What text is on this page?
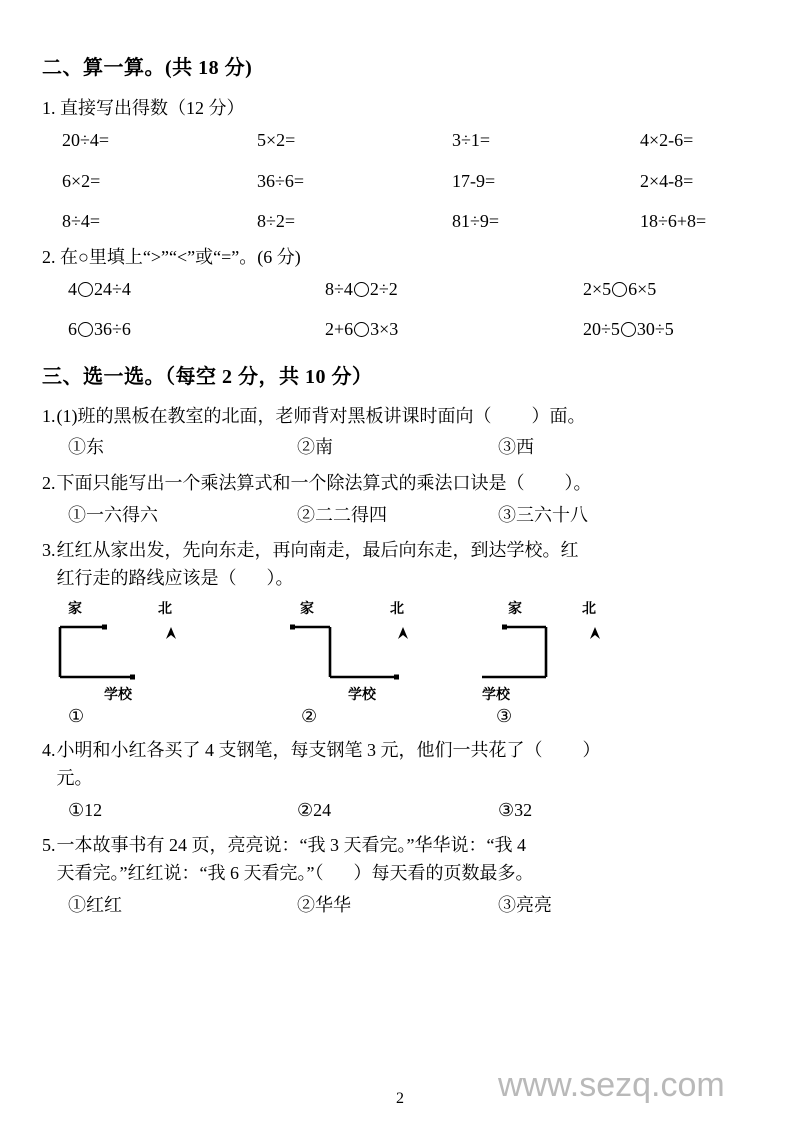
二、算一算。(共 18 分)

1. 直接写出得数（12 分）

20÷4=	5×2=	3÷1=	4×2-6=
6×2=	36÷6=	17-9=	2×4-8=
8÷4=	8÷2=	81÷9=	18÷6+8=

2. 在○里填上“>”“<”或“=”。(6 分)

4 24÷4	8÷4 2÷2	2×5 6×5
6 36÷6	2+6 3×3	20÷5 30÷5
三、选一选。（每空 2 分，共 10 分）
1. (1)班的黑板在教室的北面，老师背对黑板讲课时面向（ ）面。
①东	②南	③西
2. 下面只能写出一个乘法算式和一个除法算式的乘法口诀是（ ）。
①一六得六	②二二得四	③三六十八
3. 红红从家出发，先向东走，再向南走，最后向东走，到达学校。红
红行走的路线应该是（ ）。
家	北
学校
家	北
学校
家	北
学校
①	②	③
4. 小明和小红各买了 4 支钢笔，每支钢笔 3 元，他们一共花了（ ）
元。
①12	②24	③32
5. 一本故事书有 24 页，亮亮说：“我 3 天看完。”华华说：“我 4
天看完。”红红说：“我 6 天看完。”（ ）每天看的页数最多。
①红红	②华华	③亮亮
www.sezq.com
2
